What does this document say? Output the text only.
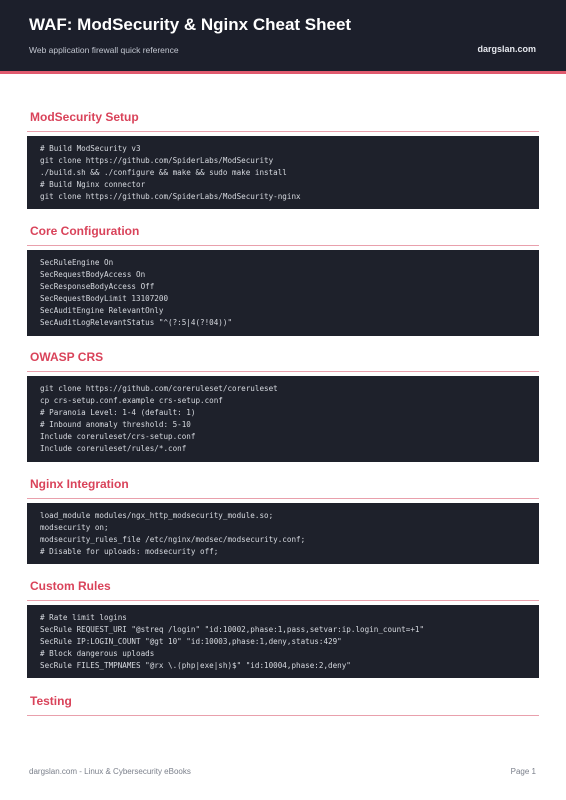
WAF: ModSecurity & Nginx Cheat Sheet
Web application firewall quick reference	dargslan.com
ModSecurity Setup
# Build ModSecurity v3
git clone https://github.com/SpiderLabs/ModSecurity
./build.sh && ./configure && make && sudo make install
# Build Nginx connector
git clone https://github.com/SpiderLabs/ModSecurity-nginx
Core Configuration
SecRuleEngine On
SecRequestBodyAccess On
SecResponseBodyAccess Off
SecRequestBodyLimit 13107200
SecAuditEngine RelevantOnly
SecAuditLogRelevantStatus "^(?:5|4(?!04))"
OWASP CRS
git clone https://github.com/coreruleset/coreruleset
cp crs-setup.conf.example crs-setup.conf
# Paranoia Level: 1-4 (default: 1)
# Inbound anomaly threshold: 5-10
Include coreruleset/crs-setup.conf
Include coreruleset/rules/*.conf
Nginx Integration
load_module modules/ngx_http_modsecurity_module.so;
modsecurity on;
modsecurity_rules_file /etc/nginx/modsec/modsecurity.conf;
# Disable for uploads: modsecurity off;
Custom Rules
# Rate limit logins
SecRule REQUEST_URI "@streq /login" "id:10002,phase:1,pass,setvar:ip.login_count=+1"
SecRule IP:LOGIN_COUNT "@gt 10" "id:10003,phase:1,deny,status:429"
# Block dangerous uploads
SecRule FILES_TMPNAMES "@rx \.(php|exe|sh)$" "id:10004,phase:2,deny"
Testing
dargslan.com - Linux & Cybersecurity eBooks	Page 1
